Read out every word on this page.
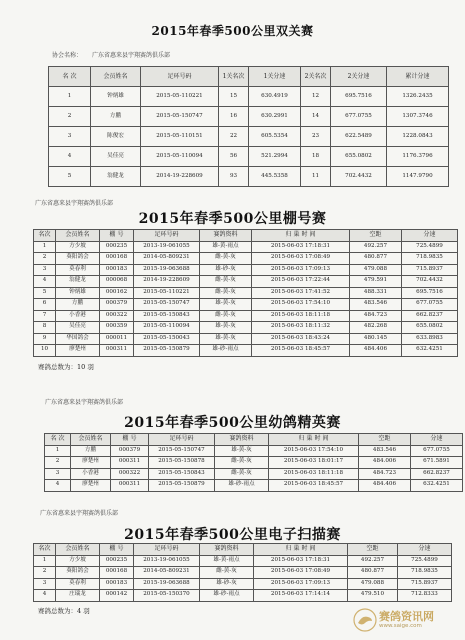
2015年春季500公里双关赛
协会名称： 广东省惠来县宇翔赛鸽俱乐部
名 次	会员姓名	足环号码	1关名次	1关分速	2关名次	2关分速	累计分速
1	钟炳雄	2015-05-110221	15	630.4919	12	695.7516	1326.2435
2	方鹏	2015-05-150747	16	630.2991	14	677.0755	1307.3746
3	陈俊宏	2015-05-110151	22	605.5354	23	622.5489	1228.0843
4	吴佳亮	2015-05-110094	56	521.2994	18	655.0802	1176.3796
5	翁健龙	2014-19-228609	93	445.5358	11	702.4432	1147.9790
广东省惠来县宇翔赛鸽俱乐部
2015年春季500公里棚号赛
名次	会员姓名	棚 号	足环号码	赛鸽资料	归 巢 时 间	空距	分速
1	方少坡	000235	2013-19-061055	雄-黄-雨点	2015-06-03 17:18:31	492.257	725.4899
2	葵阳鸽会	000168	2014-05-809231	雌-黄-灰	2015-06-03 17:08:49	480.877	718.9835
3	莫春利	000183	2015-19-063688	雄-砂-灰	2015-06-03 17:09:13	479.088	715.8937
4	翁健龙	000068	2014-19-228609	雌-黄-灰	2015-06-03 17:22:44	479.591	702.4432
5	钟炳雄	000162	2015-05-110221	雌-黄-灰	2015-06-03 17:41:52	488.331	695.7516
6	方鹏	000379	2015-05-150747	雄-黄-灰	2015-06-03 17:54:10	483.546	677.0755
7	小香港	000322	2015-05-150843	雌-黄-灰	2015-06-03 18:11:18	484.723	662.8237
8	吴佳亮	000359	2015-05-110094	雄-黄-灰	2015-06-03 18:11:32	482.268	655.0802
9	华国鸽会	000011	2015-05-150043	雄-黄-灰	2015-06-03 18:43:24	480.145	633.8983
10	廖楚州	000311	2015-05-150879	雄-砂-雨点	2015-06-03 18:45:57	484.406	632.4251
赛鸽总数为：10 羽
广东省惠来县宇翔赛鸽俱乐部
2015年春季500公里幼鸽精英赛
名 次	会员姓名	棚 号	足环号码	赛鸽资料	归 巢 时 间	空距	分速
1	方鹏	000379	2015-05-150747	雄-黄-灰	2015-06-03 17:54:10	483.546	677.0755
2	廖楚州	000311	2015-05-150878	雌-黄-灰	2015-06-03 18:01:17	484.006	671.5891
3	小香港	000322	2015-05-150843	雌-黄-灰	2015-06-03 18:11:18	484.723	662.8237
4	廖楚州	000311	2015-05-150879	雄-砂-雨点	2015-06-03 18:45:57	484.406	632.4251
广东省惠来县宇翔赛鸽俱乐部
2015年春季500公里电子扫描赛
名次	会员姓名	棚 号	足环号码	赛鸽资料	归 巢 时 间	空距	分速
1	方少坡	000235	2013-19-061055	雄-黄-雨点	2015-06-03 17:18:31	492.257	725.4899
2	葵阳鸽会	000168	2014-05-809231	雌-黄-灰	2015-06-03 17:08:49	480.877	718.9835
3	莫春利	000183	2015-19-063688	雄-砂-灰	2015-06-03 17:09:13	479.088	715.8937
4	庄瑞龙	000142	2015-05-150370	雄-砂-雨点	2015-06-03 17:14:14	479.510	712.8333
赛鸽总数为：4 羽	赛鸽资讯网
www.saige.com
